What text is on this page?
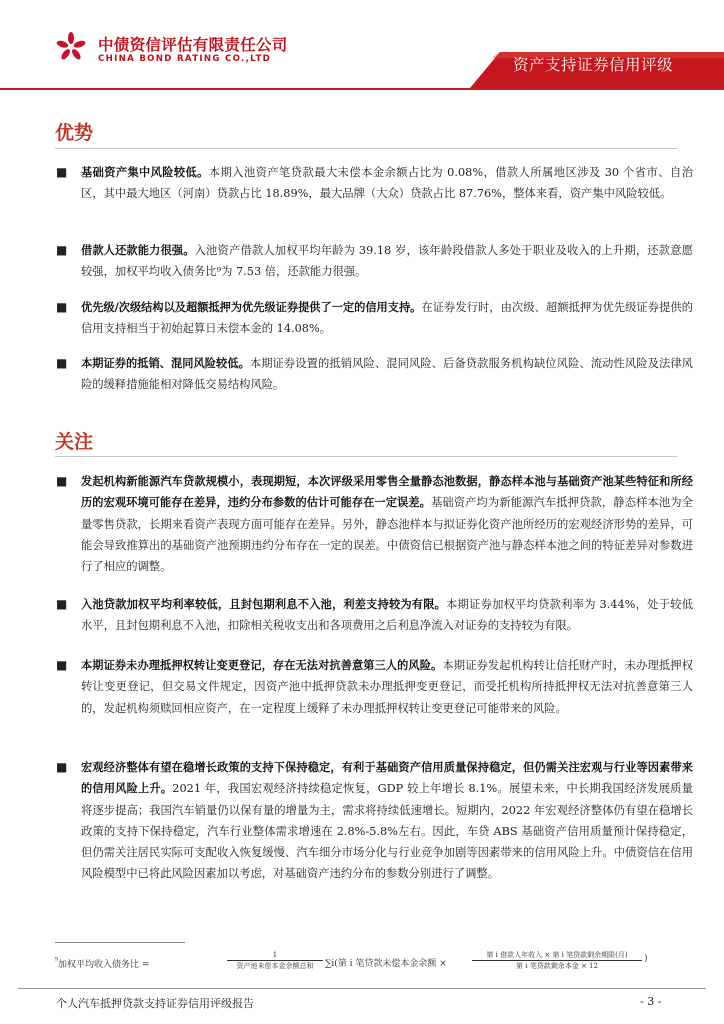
中债资信评估有限责任公司
CHINA BOND RATING CO.,LTD	资产支持证券信用评级
优势
■ 基础资产集中风险较低。本期入池资产笔贷款最大未偿本金余额占比为 0.08%，借款人所属地区涉及 30 个省市、自治区，其中最大地区（河南）贷款占比 18.89%，最大品牌（大众）贷款占比 87.76%，整体来看，资产集中风险较低。
■ 借款人还款能力很强。入池资产借款人加权平均年龄为 39.18 岁，该年龄段借款人多处于职业及收入的上升期，还款意愿较强，加权平均收入债务比⁹为 7.53 倍，还款能力很强。
■ 优先级/次级结构以及超额抵押为优先级证券提供了一定的信用支持。在证券发行时，由次级、超额抵押为优先级证券提供的信用支持相当于初始起算日未偿本金的 14.08%。
■ 本期证券的抵销、混同风险较低。本期证券设置的抵销风险、混同风险、后备贷款服务机构缺位风险、流动性风险及法律风险的缓释措施能相对降低交易结构风险。
关注
■ 发起机构新能源汽车贷款规模小，表现期短，本次评级采用零售全量静态池数据，静态样本池与基础资产池某些特征和所经历的宏观环境可能存在差异，违约分布参数的估计可能存在一定误差。基础资产均为新能源汽车抵押贷款，静态样本池为全量零售贷款，长期来看资产表现方面可能存在差异。另外，静态池样本与拟证券化资产池所经历的宏观经济形势的差异，可能会导致推算出的基础资产池预期违约分布存在一定的误差。中债资信已根据资产池与静态样本池之间的特征差异对参数进行了相应的调整。
■ 入池贷款加权平均利率较低，且封包期利息不入池，利差支持较为有限。本期证券加权平均贷款利率为 3.44%，处于较低水平，且封包期利息不入池，扣除相关税收支出和各项费用之后利息净流入对证券的支持较为有限。
■ 本期证券未办理抵押权转让变更登记，存在无法对抗善意第三人的风险。本期证券发起机构转让信托财产时，未办理抵押权转让变更登记，但交易文件规定，因资产池中抵押贷款未办理抵押变更登记，而受托机构所持抵押权无法对抗善意第三人的，发起机构须赎回相应资产，在一定程度上缓释了未办理抵押权转让变更登记可能带来的风险。
■ 宏观经济整体有望在稳增长政策的支持下保持稳定，有利于基础资产信用质量保持稳定，但仍需关注宏观与行业等因素带来的信用风险上升。2021 年，我国宏观经济持续稳定恢复，GDP 较上年增长 8.1%。展望未来，中长期我国经济发展质量将逐步提高；我国汽车销量仍以保有量的增量为主，需求将持续低速增长。短期内，2022 年宏观经济整体仍有望在稳增长政策的支持下保持稳定，汽车行业整体需求增速在 2.8%-5.8%左右。因此，车贷 ABS 基础资产信用质量预计保持稳定，但仍需关注居民实际可支配收入恢复缓慢、汽车细分市场分化与行业竞争加剧等因素带来的信用风险上升。中债资信在信用风险模型中已将此风险因素加以考虑，对基础资产违约分布的参数分别进行了调整。
$^{^9}$加权平均收入债务比 =
1
资产池未偿本金余额总和	∑i(第 i 笔贷款未偿本金余额 ×
第 i 借款人年收入 × 第 i 笔贷款剩余期限(月)
第 i 笔贷款剩余本金 × 12
)
个人汽车抵押贷款支持证券信用评级报告	- 3 -
